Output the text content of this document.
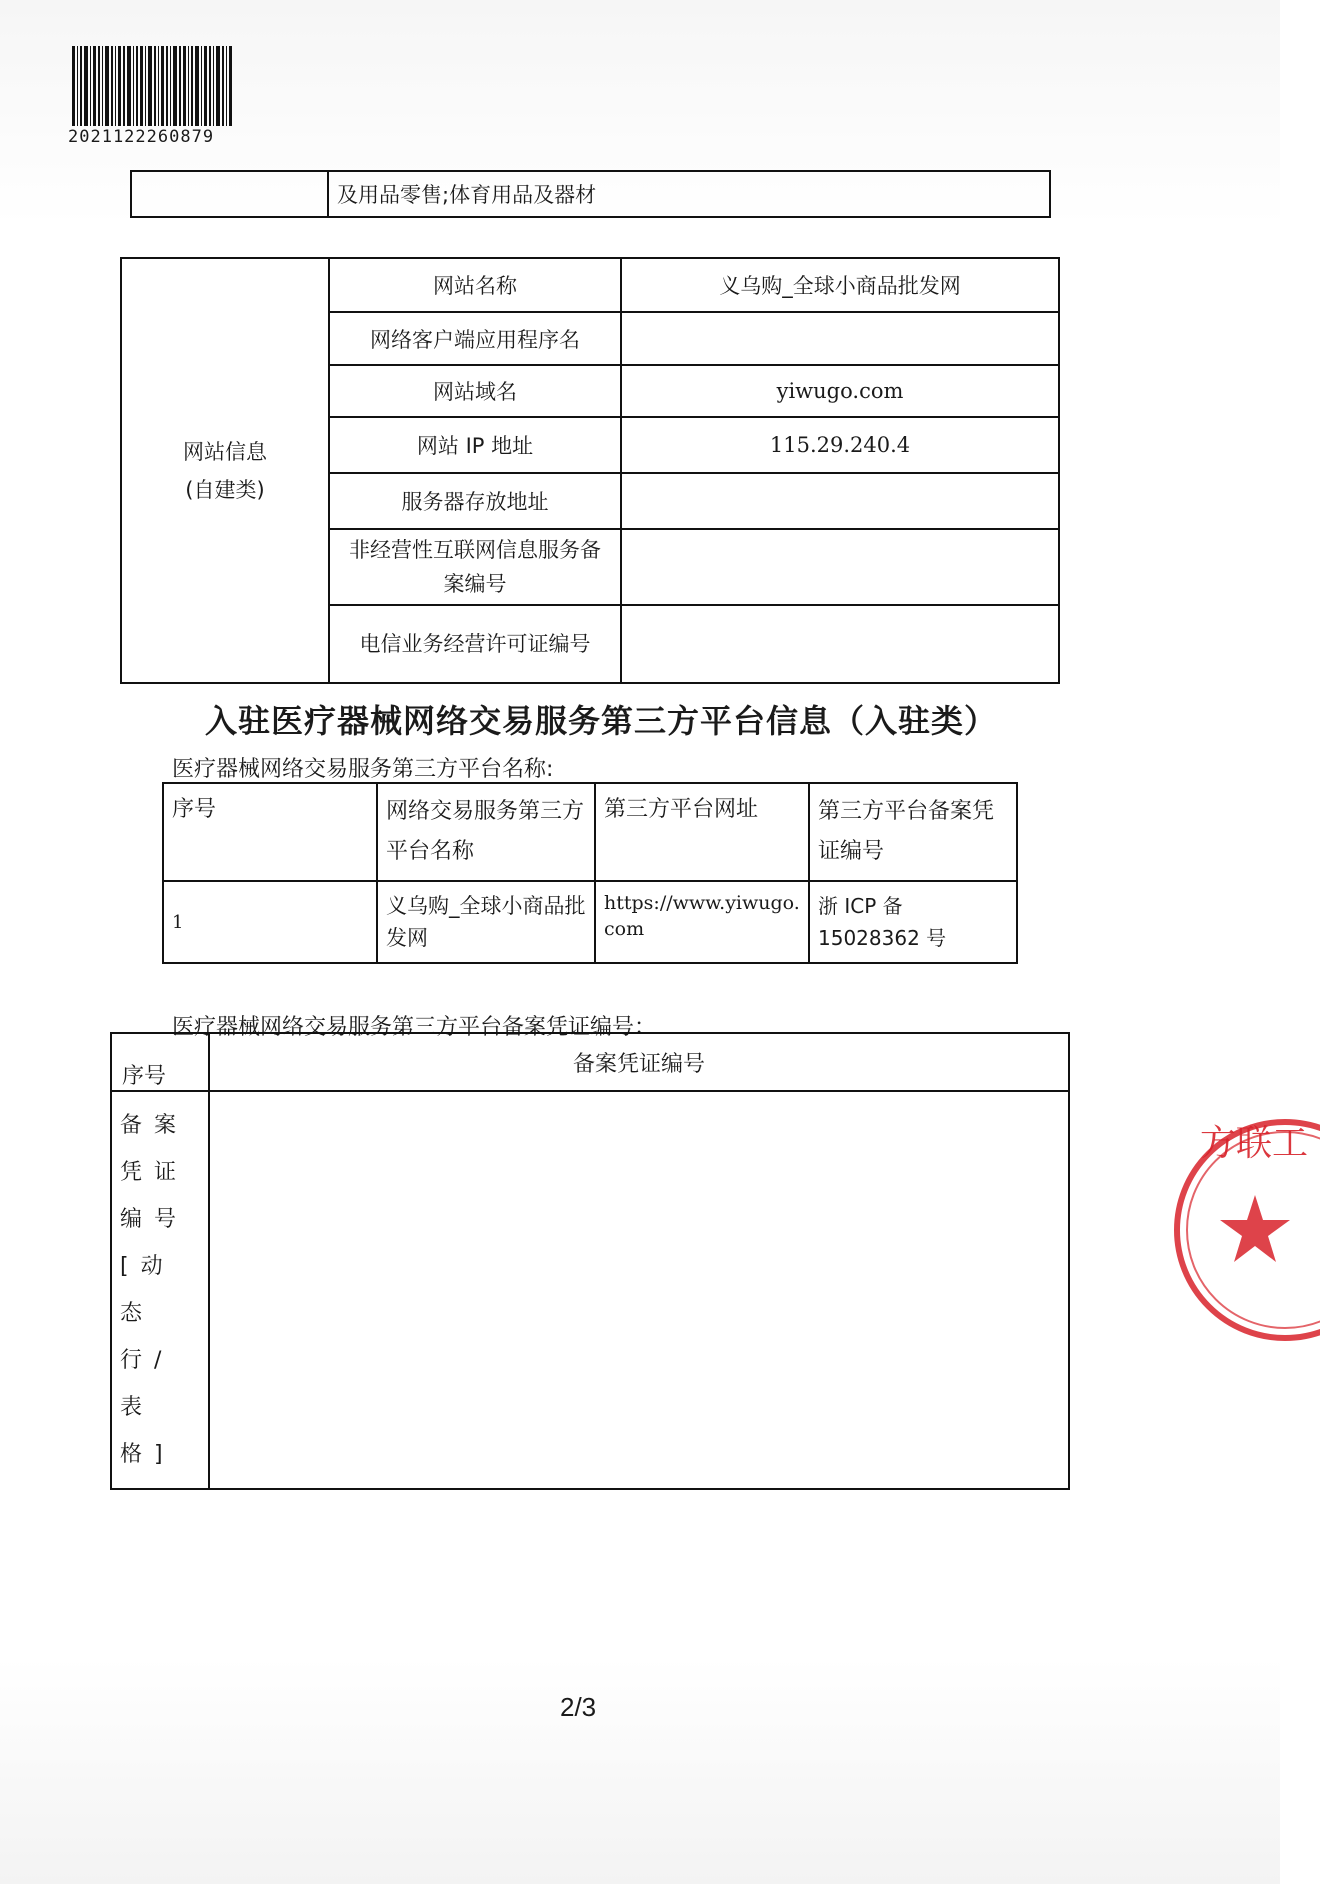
2021122260879
	及用品零售;体育用品及器材
网站信息
(自建类)	网站名称	义乌购_全球小商品批发网
	网络客户端应用程序名	
	网站域名	yiwugo.com
	网站 IP 地址	115.29.240.4
	服务器存放地址	
	非经营性互联网信息服务备案编号	
	电信业务经营许可证编号	
入驻医疗器械网络交易服务第三方平台信息（入驻类）
医疗器械网络交易服务第三方平台名称:
序号	网络交易服务第三方平台名称	第三方平台网址	第三方平台备案凭证编号
1	义乌购_全球小商品批发网	https://www.yiwugo.com	浙 ICP 备 15028362 号
医疗器械网络交易服务第三方平台备案凭证编号：
序号	备案凭证编号
备案凭证编号[动态行/表格]	
方联工
2/3
